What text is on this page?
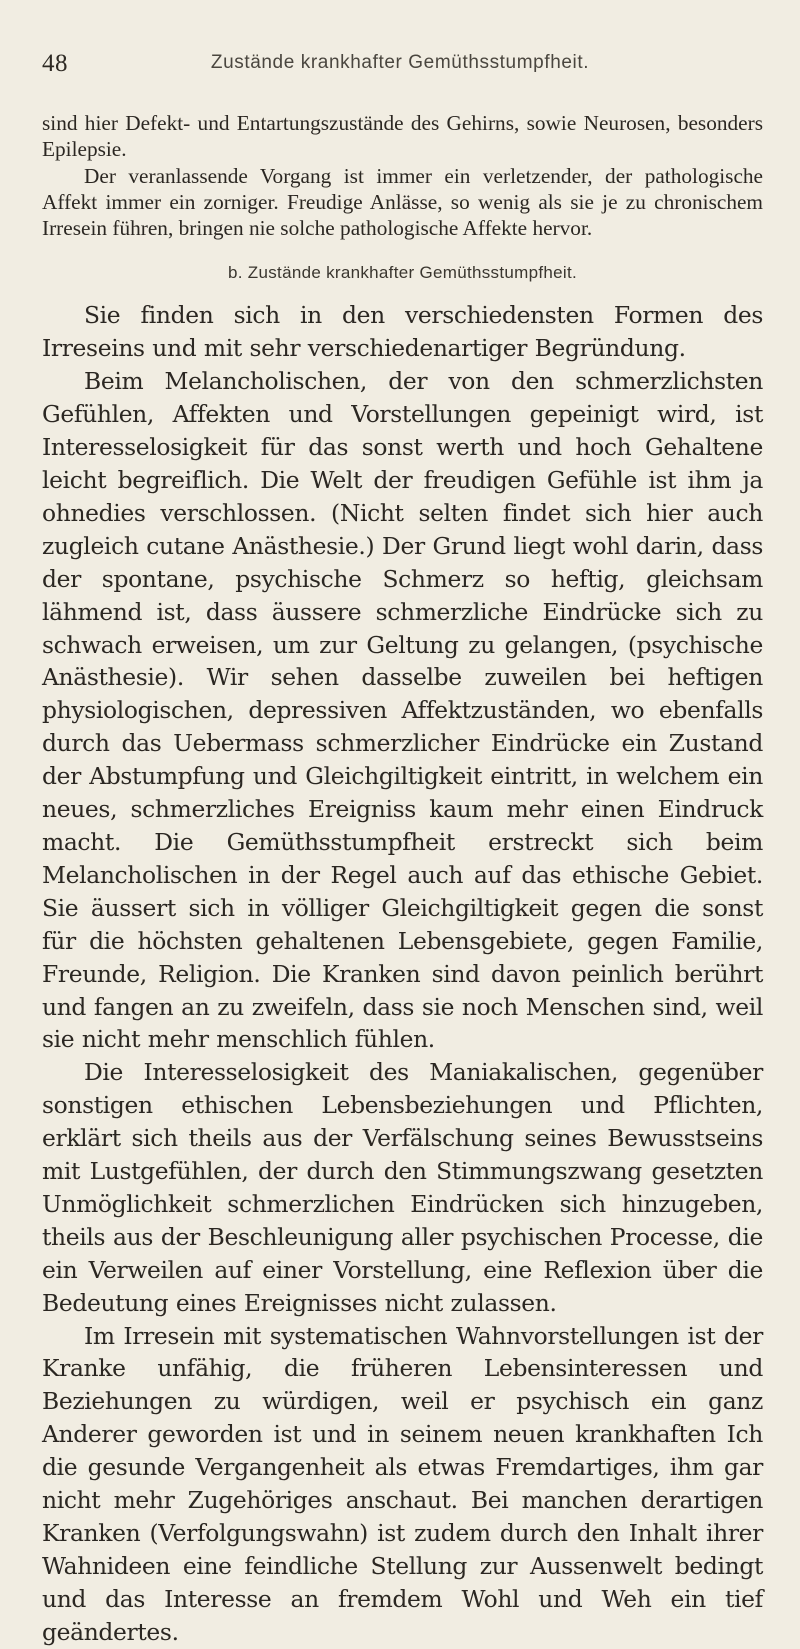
48	Zustände krankhafter Gemüthsstumpfheit.

sind hier Defekt- und Entartungszustände des Gehirns, sowie Neurosen, besonders Epilepsie.

Der veranlassende Vorgang ist immer ein verletzender, der pathologische Affekt immer ein zorniger. Freudige Anlässe, so wenig als sie je zu chronischem Irresein führen, bringen nie solche pathologische Affekte hervor.

b. Zustände krankhafter Gemüthsstumpfheit.

Sie finden sich in den verschiedensten Formen des Irreseins und mit sehr verschiedenartiger Begründung.

Beim Melancholischen, der von den schmerzlichsten Gefühlen, Affekten und Vorstellungen gepeinigt wird, ist Interesselosigkeit für das sonst werth und hoch Gehaltene leicht begreiflich. Die Welt der freudigen Gefühle ist ihm ja ohnedies verschlossen. (Nicht selten findet sich hier auch zugleich cutane Anästhesie.) Der Grund liegt wohl darin, dass der spontane, psychische Schmerz so heftig, gleichsam lähmend ist, dass äussere schmerzliche Eindrücke sich zu schwach erweisen, um zur Geltung zu gelangen, (psychische Anästhesie). Wir sehen dasselbe zuweilen bei heftigen physiologischen, depressiven Affektzuständen, wo ebenfalls durch das Uebermass schmerzlicher Eindrücke ein Zustand der Abstumpfung und Gleichgiltigkeit eintritt, in welchem ein neues, schmerzliches Ereigniss kaum mehr einen Eindruck macht. Die Gemüthsstumpfheit erstreckt sich beim Melancholischen in der Regel auch auf das ethische Gebiet. Sie äussert sich in völliger Gleichgiltigkeit gegen die sonst für die höchsten gehaltenen Lebensgebiete, gegen Familie, Freunde, Religion. Die Kranken sind davon peinlich berührt und fangen an zu zweifeln, dass sie noch Menschen sind, weil sie nicht mehr menschlich fühlen.

Die Interesselosigkeit des Maniakalischen, gegenüber sonstigen ethischen Lebensbeziehungen und Pflichten, erklärt sich theils aus der Verfälschung seines Bewusstseins mit Lustgefühlen, der durch den Stimmungszwang gesetzten Unmöglichkeit schmerzlichen Eindrücken sich hinzugeben, theils aus der Beschleunigung aller psychischen Processe, die ein Verweilen auf einer Vorstellung, eine Reflexion über die Bedeutung eines Ereignisses nicht zulassen.

Im Irresein mit systematischen Wahnvorstellungen ist der Kranke unfähig, die früheren Lebensinteressen und Beziehungen zu würdigen, weil er psychisch ein ganz Anderer geworden ist und in seinem neuen krankhaften Ich die gesunde Vergangenheit als etwas Fremdartiges, ihm gar nicht mehr Zugehöriges anschaut. Bei manchen derartigen Kranken (Verfolgungswahn) ist zudem durch den Inhalt ihrer Wahnideen eine feindliche Stellung zur Aussenwelt bedingt und das Interesse an fremdem Wohl und Weh ein tief geändertes.
